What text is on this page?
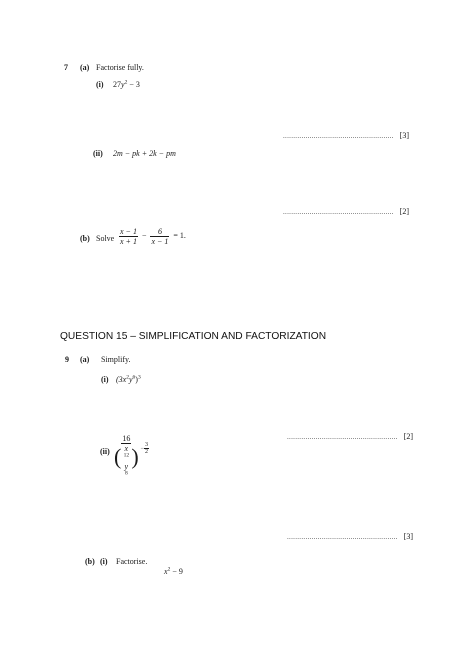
7 (a) Factorise fully.
(i) $27y^2 - 3$
...................................................... [3]
(ii) 2m − pk + 2k − pm
...................................................... [2]
(b) Solve $\frac{x - 1}{x + 1} - \frac{6}{x - 1} = 1$.
QUESTION 15 – SIMPLIFICATION AND FACTORIZATION
9 (a) Simplify.
(i) $(3x^2y^6)^3$
...................................................... [2]
(ii) ( 16
x
$^{12}$
y
$^8$ ) $^{- \frac{3}{2}}$
...................................................... [3]
(b) (i) Factorise.
$x^2 - 9$
